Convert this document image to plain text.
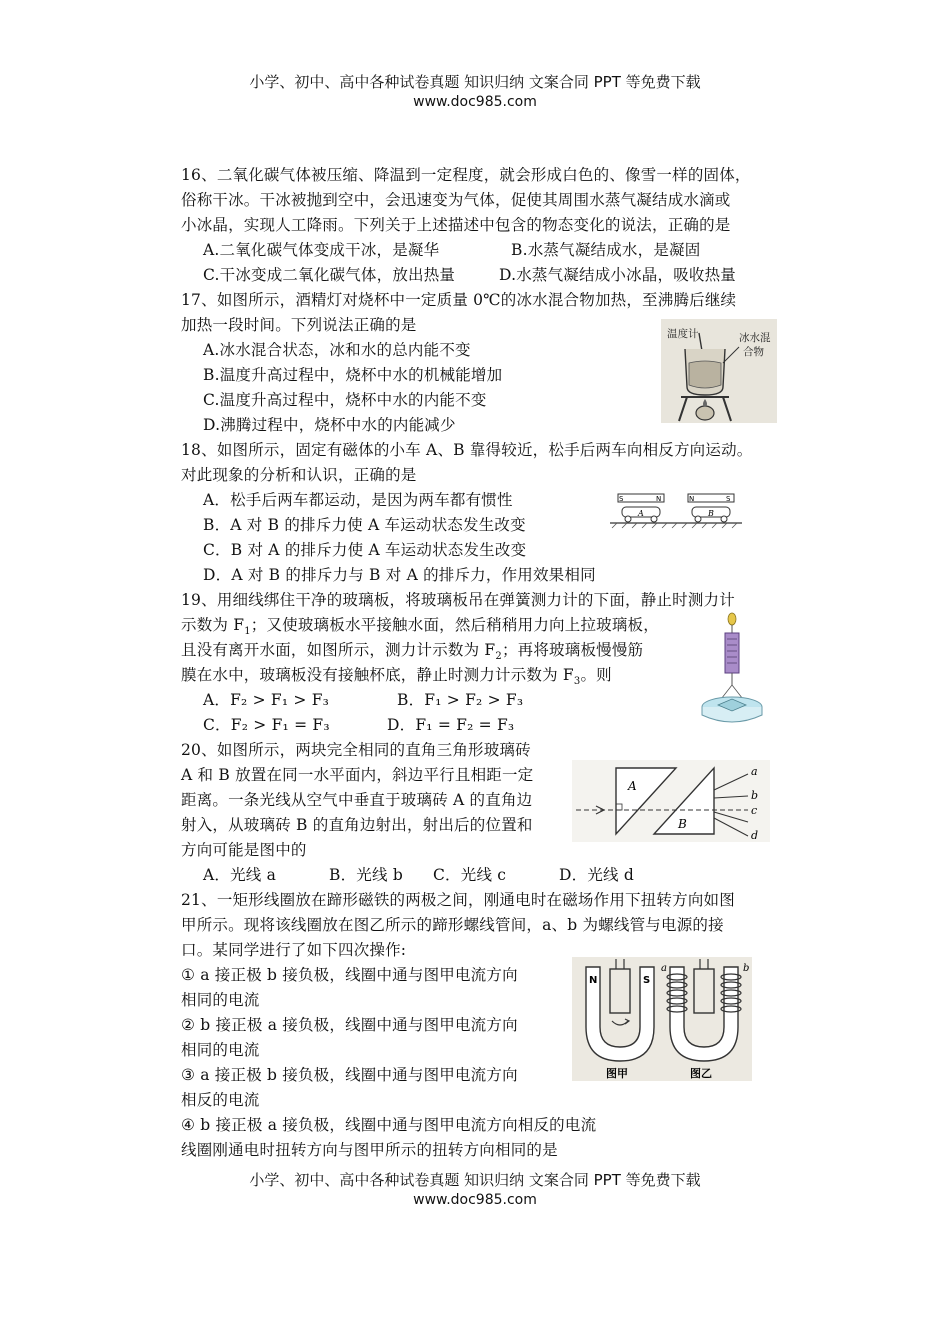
小学、初中、高中各种试卷真题 知识归纳 文案合同 PPT 等免费下载
www.doc985.com
16、二氧化碳气体被压缩、降温到一定程度，就会形成白色的、像雪一样的固体，
俗称干冰。干冰被抛到空中，会迅速变为气体，促使其周围水蒸气凝结成水滴或
小冰晶，实现人工降雨。下列关于上述描述中包含的物态变化的说法，正确的是
A.二氧化碳气体变成干冰，是凝华	B.水蒸气凝结成水，是凝固
C.干冰变成二氧化碳气体，放出热量	D.水蒸气凝结成小冰晶，吸收热量
17、如图所示，酒精灯对烧杯中一定质量 0℃的冰水混合物加热，至沸腾后继续
加热一段时间。下列说法正确的是
A.冰水混合状态，冰和水的总内能不变
B.温度升高过程中，烧杯中水的机械能增加
C.温度升高过程中，烧杯中水的内能不变
D.沸腾过程中，烧杯中水的内能减少
温度计	冰水混
合物
18、如图所示，固定有磁体的小车 A、B 靠得较近，松手后两车向相反方向运动。
对此现象的分析和认识，正确的是
A．松手后两车都运动，是因为两车都有惯性
B．A 对 B 的排斥力使 A 车运动状态发生改变
C．B 对 A 的排斥力使 A 车运动状态发生改变
D．A 对 B 的排斥力与 B 对 A 的排斥力，作用效果相同
S	N	N	S
A	B
19、用细线绑住干净的玻璃板，将玻璃板吊在弹簧测力计的下面，静止时测力计
示数为 $F_1$；又使玻璃板水平接触水面，然后稍稍用力向上拉玻璃板，
且没有离开水面，如图所示，测力计示数为 $F_2$；再将玻璃板慢慢筋
膜在水中，玻璃板没有接触杯底，静止时测力计示数为 $F_3$。则
A．F₂ > F₁ > F₃	B．F₁ > F₂ > F₃
C．F₂ > F₁ = F₃	D．F₁ = F₂ = F₃
20、如图所示，两块完全相同的直角三角形玻璃砖
A 和 B 放置在同一水平面内，斜边平行且相距一定
距离。一条光线从空气中垂直于玻璃砖 A 的直角边
射入，从玻璃砖 B 的直角边射出，射出后的位置和
方向可能是图中的
A．光线 a	B．光线 b C．光线 c	D．光线 d
A
B
a
b
c
d
21、一矩形线圈放在蹄形磁铁的两极之间，刚通电时在磁场作用下扭转方向如图
甲所示。现将该线圈放在图乙所示的蹄形螺线管间，a、b 为螺线管与电源的接
口。某同学进行了如下四次操作:
① a 接正极 b 接负极，线圈中通与图甲电流方向
相同的电流
② b 接正极 a 接负极，线圈中通与图甲电流方向
相同的电流
③ a 接正极 b 接负极，线圈中通与图甲电流方向
相反的电流
④ b 接正极 a 接负极，线圈中通与图甲电流方向相反的电流
线圈刚通电时扭转方向与图甲所示的扭转方向相同的是
N	S
a	b
图甲	图乙
小学、初中、高中各种试卷真题 知识归纳 文案合同 PPT 等免费下载
www.doc985.com
